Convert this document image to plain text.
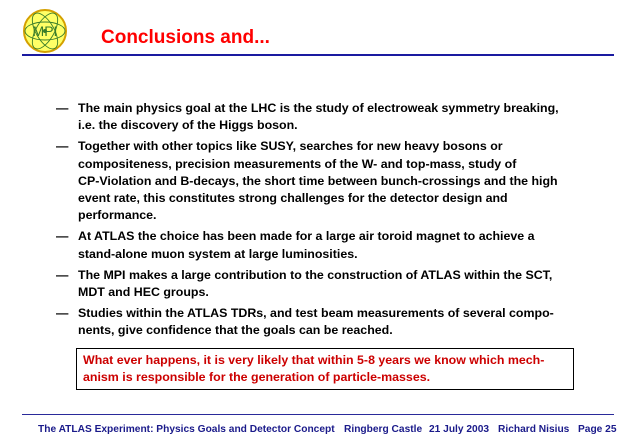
MPI Conclusions and...
— The main physics goal at the LHC is the study of electroweak symmetry breaking,
i.e. the discovery of the Higgs boson.
— Together with other topics like SUSY, searches for new heavy bosons or
compositeness, precision measurements of the W- and top-mass, study of
CP-Violation and B-decays, the short time between bunch-crossings and the high
event rate, this constitutes strong challenges for the detector design and
performance.
— At ATLAS the choice has been made for a large air toroid magnet to achieve a
stand-alone muon system at large luminosities.
— The MPI makes a large contribution to the construction of ATLAS within the SCT,
MDT and HEC groups.
— Studies within the ATLAS TDRs, and test beam measurements of several compo-
nents, give confidence that the goals can be reached.
What ever happens, it is very likely that within 5-8 years we know which mech-
anism is responsible for the generation of particle-masses.
The ATLAS Experiment: Physics Goals and Detector Concept Ringberg Castle 21 July 2003 Richard Nisius Page 25
